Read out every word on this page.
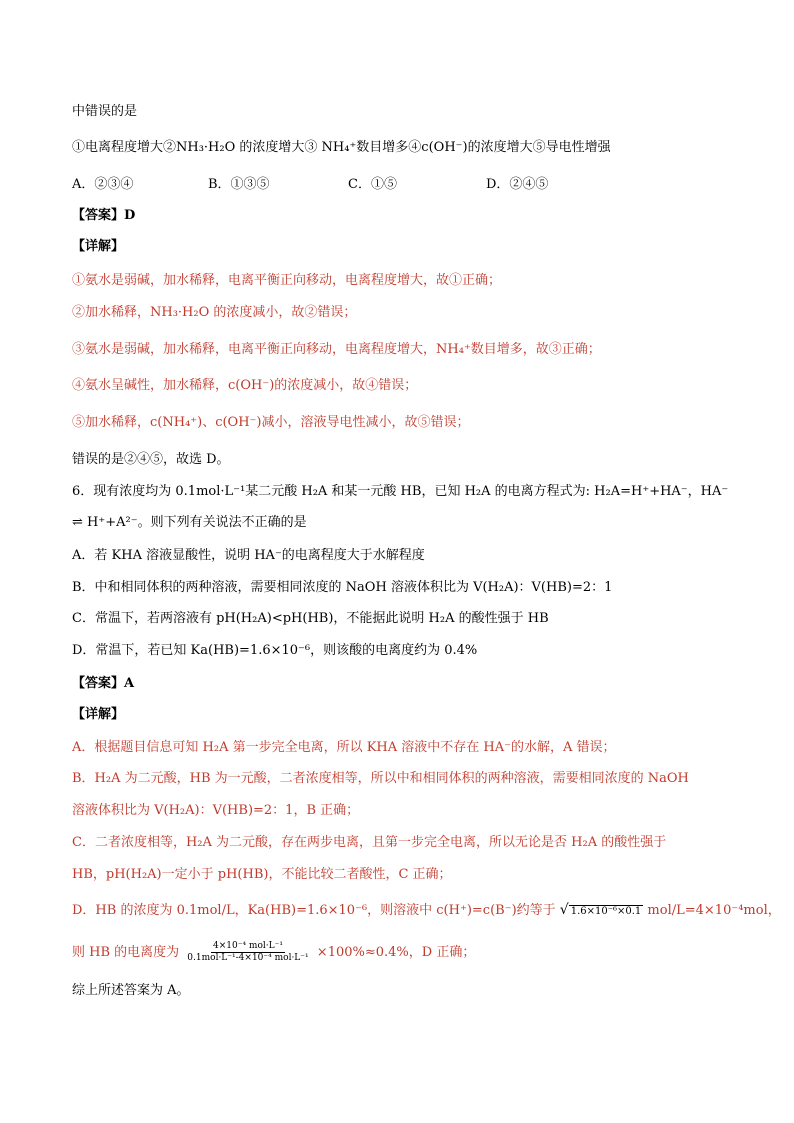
中错误的是
①电离程度增大②NH₃·H₂O 的浓度增大③ NH₄⁺数目增多④c(OH⁻)的浓度增大⑤导电性增强
A．②③④	B．①③⑤	C．①⑤	D．②④⑤
【答案】D
【详解】
①氨水是弱碱，加水稀释，电离平衡正向移动，电离程度增大，故①正确；
②加水稀释，NH₃·H₂O 的浓度减小，故②错误；
③氨水是弱碱，加水稀释，电离平衡正向移动，电离程度增大，NH₄⁺数目增多，故③正确；
④氨水呈碱性，加水稀释，c(OH⁻)的浓度减小，故④错误；
⑤加水稀释，c(NH₄⁺)、c(OH⁻)减小，溶液导电性减小，故⑤错误；
错误的是②④⑤，故选 D。
6．现有浓度均为 0.1mol·L⁻¹某二元酸 H₂A 和某一元酸 HB，已知 H₂A 的电离方程式为: H₂A=H⁺+HA⁻，HA⁻
⇌ H⁺+A²⁻。则下列有关说法不正确的是
A．若 KHA 溶液显酸性，说明 HA⁻的电离程度大于水解程度
B．中和相同体积的两种溶液，需要相同浓度的 NaOH 溶液体积比为 V(H₂A)：V(HB)=2：1
C．常温下，若两溶液有 pH(H₂A)<pH(HB)，不能据此说明 H₂A 的酸性强于 HB
D．常温下，若已知 Ka(HB)=1.6×10⁻⁶，则该酸的电离度约为 0.4%
【答案】A
【详解】
A．根据题目信息可知 H₂A 第一步完全电离，所以 KHA 溶液中不存在 HA⁻的水解，A 错误；
B．H₂A 为二元酸，HB 为一元酸，二者浓度相等，所以中和相同体积的两种溶液，需要相同浓度的 NaOH
溶液体积比为 V(H₂A)：V(HB)=2：1，B 正确；
C．二者浓度相等，H₂A 为二元酸，存在两步电离，且第一步完全电离，所以无论是否 H₂A 的酸性强于
HB，pH(H₂A)一定小于 pH(HB)，不能比较二者酸性，C 正确；
D．HB 的浓度为 0.1mol/L，Ka(HB)=1.6×10⁻⁶，则溶液中 c(H⁺)=c(B⁻)约等于 √ 1.6×10⁻⁶×0.1 mol/L=4×10⁻⁴mol，
则 HB 的电离度为 $\frac{\text{4×10⁻⁴ mol·L⁻¹}}{\text{0.1mol·L⁻¹-4×10⁻⁴ mol·L⁻¹}} \times 100\%\approx 0.4\%$，D 正确；
综上所述答案为 A。
